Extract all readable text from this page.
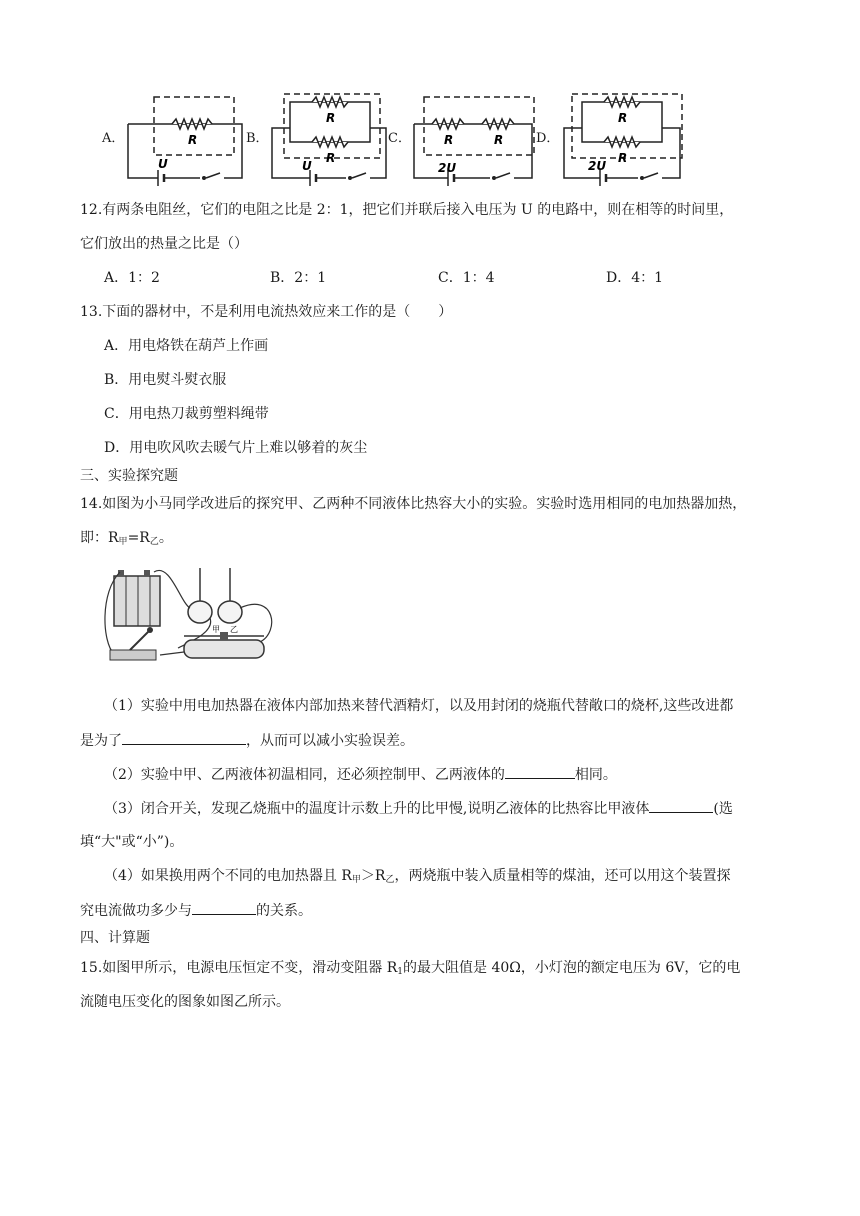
A．	R
U
B．
R
R
U
C．	R	R
2U
D．
R
R
2U
12.有两条电阻丝，它们的电阻之比是 2：1，把它们并联后接入电压为 U 的电路中，则在相等的时间里，
它们放出的热量之比是（）
A．1：2	B．2：1	C．1：4	D．4：1
13.下面的器材中，不是利用电流热效应来工作的是（　　）
A．用电烙铁在葫芦上作画
B．用电熨斗熨衣服
C．用电热刀裁剪塑料绳带
D．用电吹风吹去暖气片上难以够着的灰尘
三、实验探究题
14.如图为小马同学改进后的探究甲、乙两种不同液体比热容大小的实验。实验时选用相同的电加热器加热，
即：$R_甲=R_乙$。
甲 乙
（1）实验中用电加热器在液体内部加热来替代酒精灯，以及用封闭的烧瓶代替敞口的烧杯,这些改进都
是为了	，从而可以减小实验误差。
（2）实验中甲、乙两液体初温相同，还必须控制甲、乙两液体的	相同。
（3）闭合开关，发现乙烧瓶中的温度计示数上升的比甲慢,说明乙液体的比热容比甲液体	(选
填“大"或“小”)。
（4）如果换用两个不同的电加热器且 $R_甲>R_乙$，两烧瓶中装入质量相等的煤油，还可以用这个装置探
究电流做功多少与	的关系。
四、计算题
15.如图甲所示，电源电压恒定不变，滑动变阻器 $R_1$的最大阻值是 40Ω，小灯泡的额定电压为 6V，它的电
流随电压变化的图象如图乙所示。
